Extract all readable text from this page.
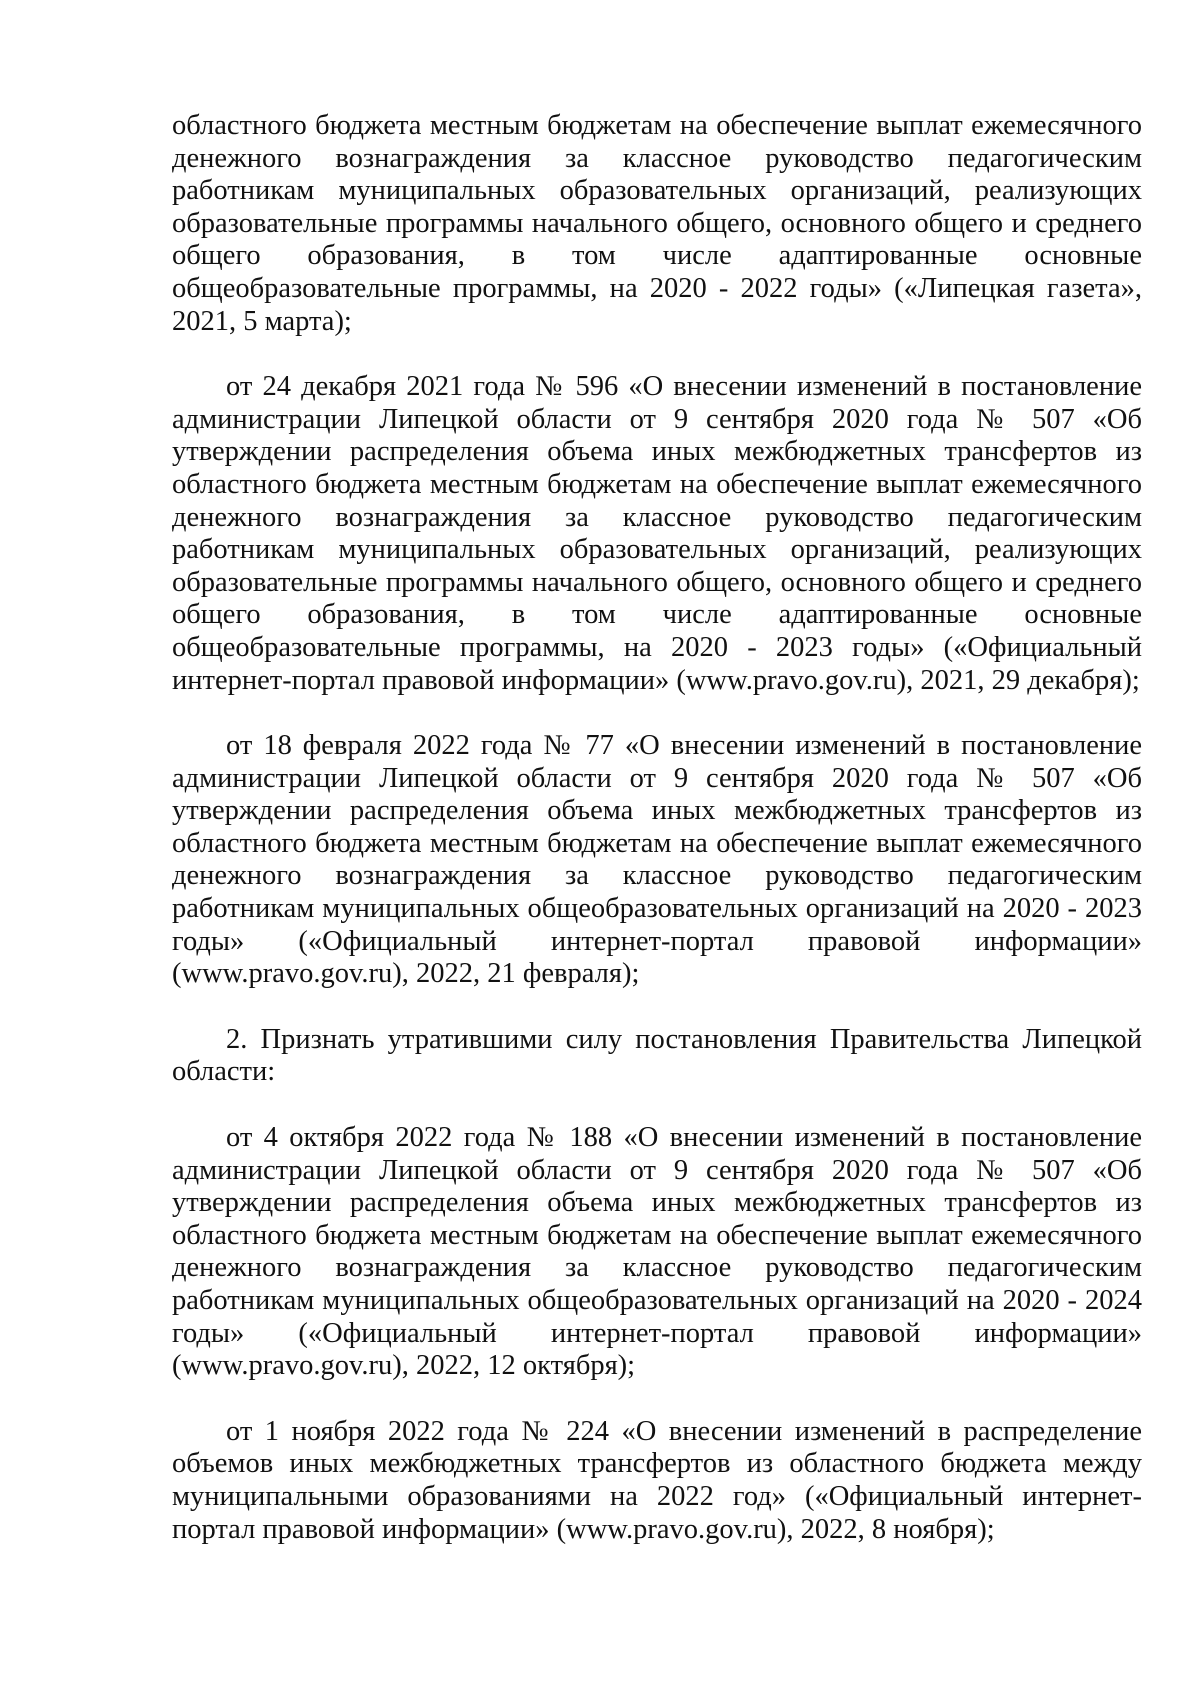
областного бюджета местным бюджетам на обеспечение выплат ежемесячного денежного вознаграждения за классное руководство педагогическим работникам муниципальных образовательных организаций, реализующих образовательные программы начального общего, основного общего и среднего общего образования, в том числе адаптированные основные общеобразовательные программы, на 2020 - 2022 годы» («Липецкая газета», 2021, 5 марта);

от 24 декабря 2021 года № 596 «О внесении изменений в постановление администрации Липецкой области от 9 сентября 2020 года № 507 «Об утверждении распределения объема иных межбюджетных трансфертов из областного бюджета местным бюджетам на обеспечение выплат ежемесячного денежного вознаграждения за классное руководство педагогическим работникам муниципальных образовательных организаций, реализующих образовательные программы начального общего, основного общего и среднего общего образования, в том числе адаптированные основные общеобразовательные программы, на 2020 - 2023 годы» («Официальный интернет-портал правовой информации» (www.pravo.gov.ru), 2021, 29 декабря);

от 18 февраля 2022 года № 77 «О внесении изменений в постановление администрации Липецкой области от 9 сентября 2020 года № 507 «Об утверждении распределения объема иных межбюджетных трансфертов из областного бюджета местным бюджетам на обеспечение выплат ежемесячного денежного вознаграждения за классное руководство педагогическим работникам муниципальных общеобразовательных организаций на 2020 - 2023 годы» («Официальный интернет-портал правовой информации» (www.pravo.gov.ru), 2022, 21 февраля);

2. Признать утратившими силу постановления Правительства Липецкой области:

от 4 октября 2022 года № 188 «О внесении изменений в постановление администрации Липецкой области от 9 сентября 2020 года № 507 «Об утверждении распределения объема иных межбюджетных трансфертов из областного бюджета местным бюджетам на обеспечение выплат ежемесячного денежного вознаграждения за классное руководство педагогическим работникам муниципальных общеобразовательных организаций на 2020 - 2024 годы» («Официальный интернет-портал правовой информации» (www.pravo.gov.ru), 2022, 12 октября);

от 1 ноября 2022 года № 224 «О внесении изменений в распределение объемов иных межбюджетных трансфертов из областного бюджета между муниципальными образованиями на 2022 год» («Официальный интернет-портал правовой информации» (www.pravo.gov.ru), 2022, 8 ноября);
